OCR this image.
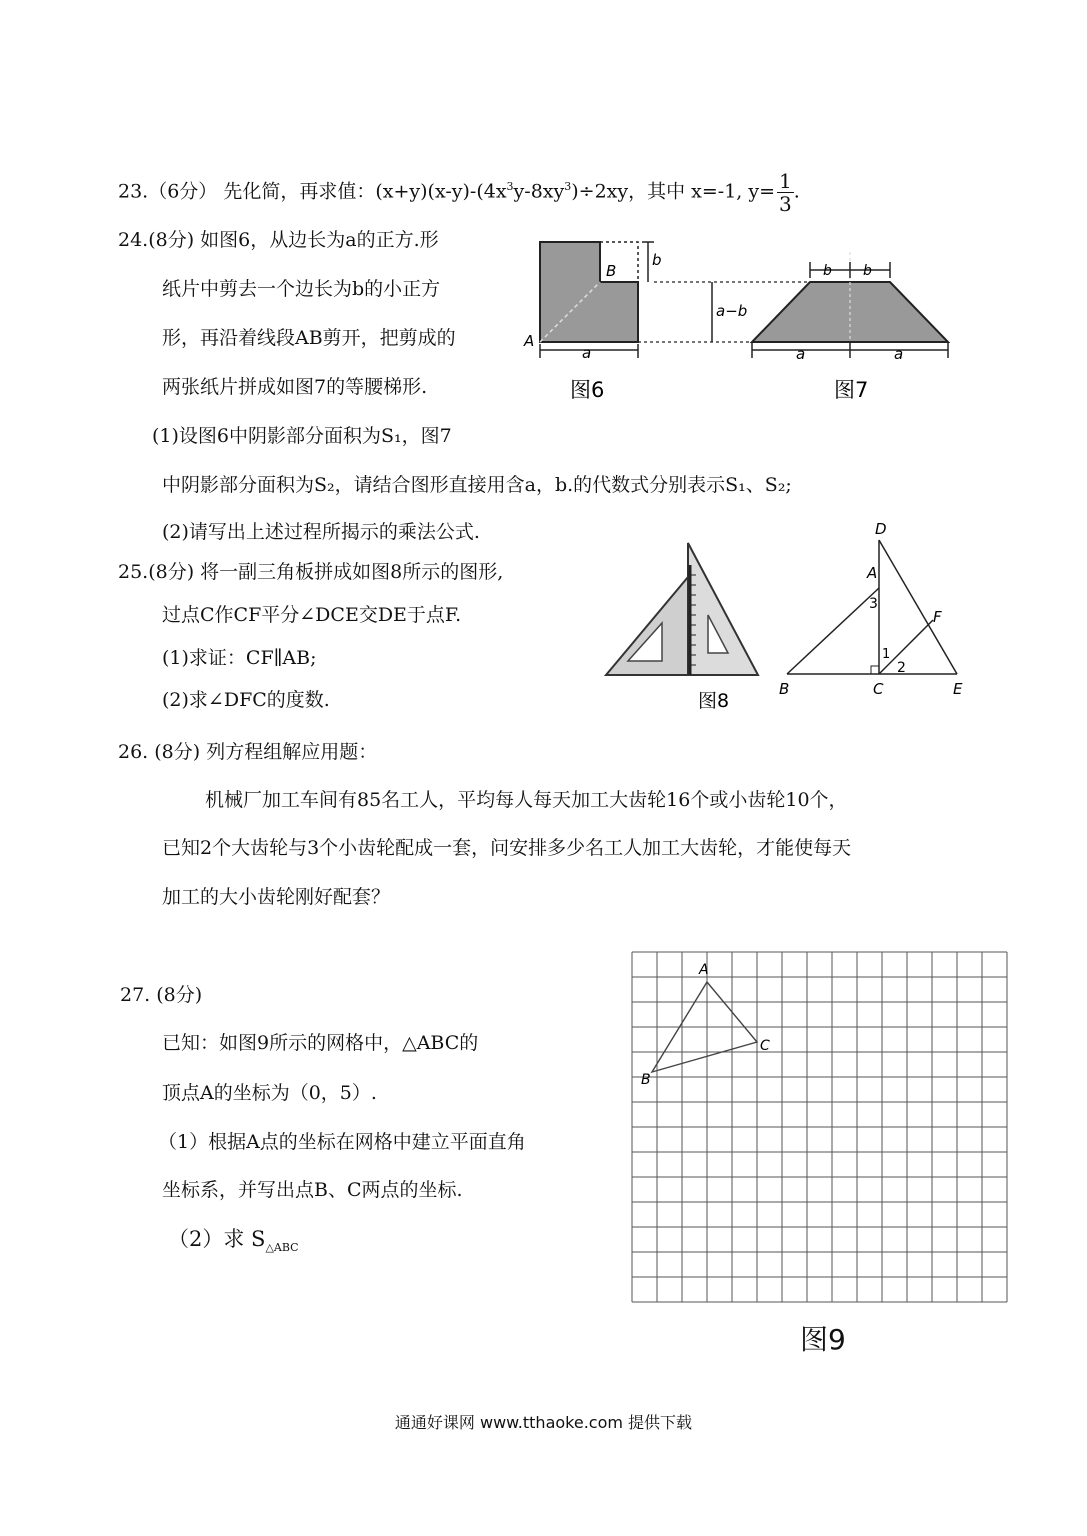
23.（6分） 先化简，再求值：$(x+y)(x-y)-(4x^3y-8xy^3)\div 2xy$，其中 x=-1, $y= \frac{1}{3}$ .
24.(8分) 如图6，从边长为a的正方.形
纸片中剪去一个边长为b的小正方
形，再沿着线段AB剪开，把剪成的
两张纸片拼成如图7的等腰梯形.
(1)设图6中阴影部分面积为S₁，图7
中阴影部分面积为S₂，请结合图形直接用含a，b.的代数式分别表示S₁、S₂;
(2)请写出上述过程所揭示的乘法公式.
b
B
A
a
a−b
b b
a	a
图6	图7
25.(8分) 将一副三角板拼成如图8所示的图形,
过点C作CF平分∠DCE交DE于点F.
(1)求证：CF∥AB;
(2)求∠DFC的度数.	图8
D
A
3
F
1
2
B	C	E
26. (8分) 列方程组解应用题：
机械厂加工车间有85名工人，平均每人每天加工大齿轮16个或小齿轮10个，
已知2个大齿轮与3个小齿轮配成一套，问安排多少名工人加工大齿轮，才能使每天
加工的大小齿轮刚好配套？
27. (8分)
已知：如图9所示的网格中，△ABC的
顶点A的坐标为（0，5）.
（1）根据A点的坐标在网格中建立平面直角
坐标系，并写出点B、C两点的坐标.
（2）求 $S_{\triangle ABC}$
A
B
C
图9
通通好课网 www.tthaoke.com 提供下载
